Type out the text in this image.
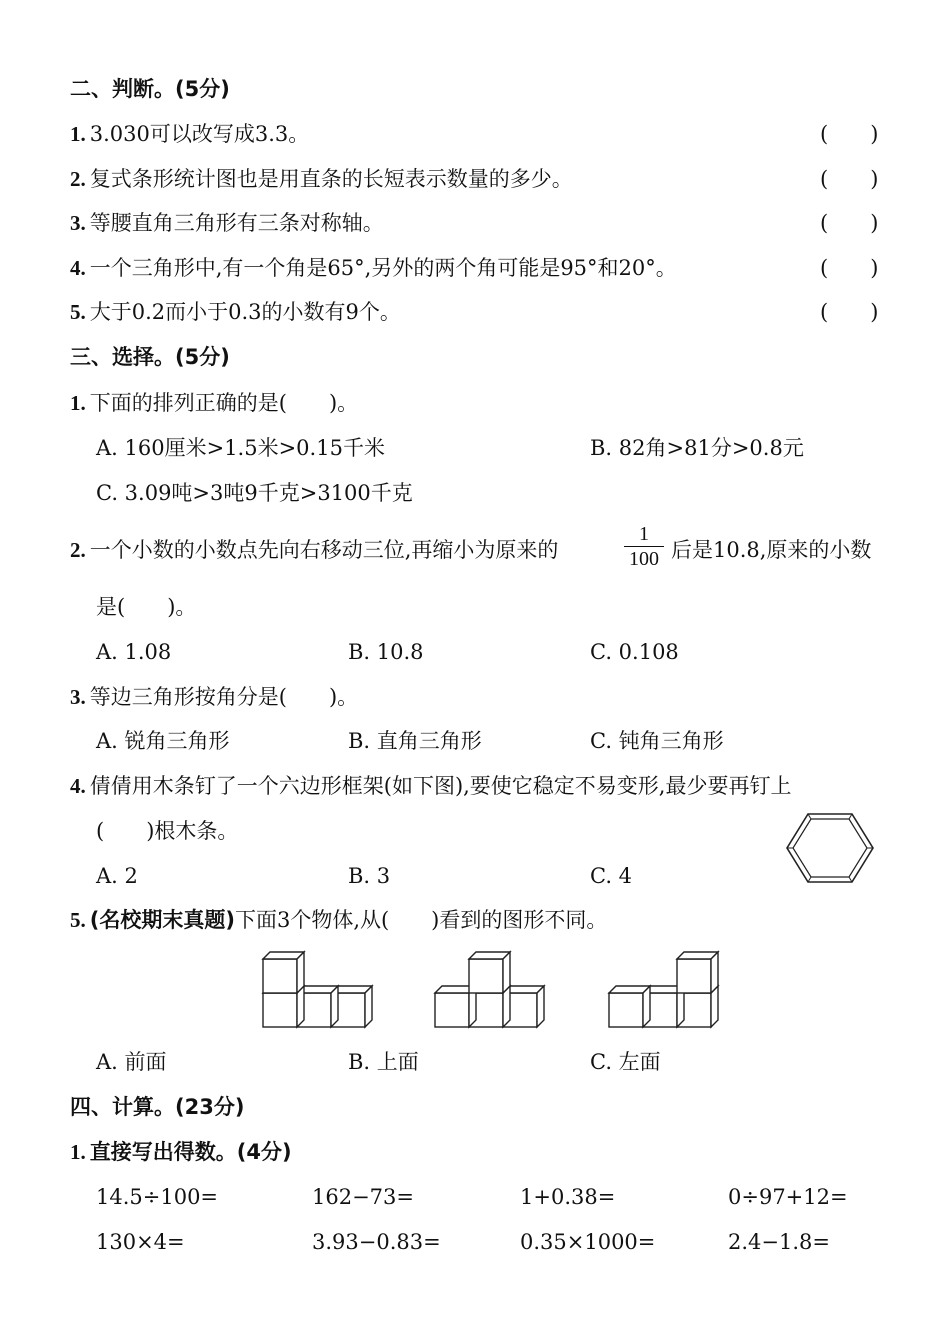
二、判断。(5分)
1. 3.030可以改写成3.3。	(　　)
2. 复式条形统计图也是用直条的长短表示数量的多少。	(　　)
3. 等腰直角三角形有三条对称轴。	(　　)
4. 一个三角形中,有一个角是65°,另外的两个角可能是95°和20°。	(　　)
5. 大于0.2而小于0.3的小数有9个。	(　　)
三、选择。(5分)
1. 下面的排列正确的是(　　)。
A. 160厘米>1.5米>0.15千米	B. 82角>81分>0.8元
C. 3.09吨>3吨9千克>3100千克
2. 一个小数的小数点先向右移动三位,再缩小为原来的
1
100 后是10.8,原来的小数
是(　　)。
A. 1.08	B. 10.8	C. 0.108
3. 等边三角形按角分是(　　)。
A. 锐角三角形	B. 直角三角形	C. 钝角三角形
4. 倩倩用木条钉了一个六边形框架(如下图),要使它稳定不易变形,最少要再钉上
(　　)根木条。
A. 2	B. 3	C. 4
5. (名校期末真题)下面3个物体,从(　　)看到的图形不同。
A. 前面	B. 上面	C. 左面
四、计算。(23分)
1. 直接写出得数。(4分)
14.5÷100=	162−73=	1+0.38=	0÷97+12=
130×4=	3.93−0.83=	0.35×1000=	2.4−1.8=
